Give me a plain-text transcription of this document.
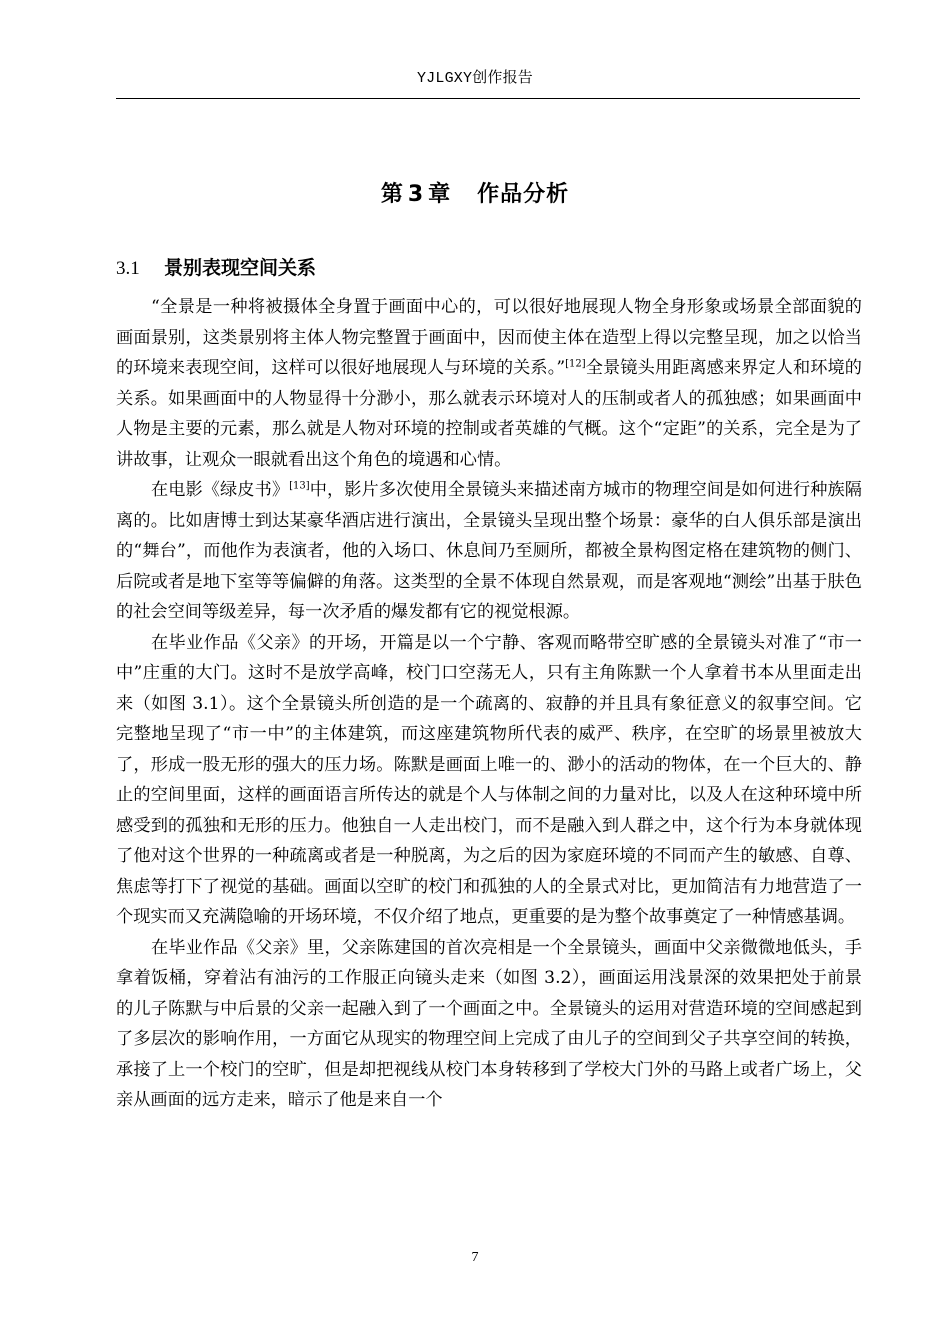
YJLGXY创作报告
第 3 章 作品分析
3.1 景别表现空间关系

“全景是一种将被摄体全身置于画面中心的，可以很好地展现人物全身形象或场景全部面貌的画面景别，这类景别将主体人物完整置于画面中，因而使主体在造型上得以完整呈现，加之以恰当的环境来表现空间，这样可以很好地展现人与环境的关系。”[12]全景镜头用距离感来界定人和环境的关系。如果画面中的人物显得十分渺小，那么就表示环境对人的压制或者人的孤独感；如果画面中人物是主要的元素，那么就是人物对环境的控制或者英雄的气概。这个“定距”的关系，完全是为了讲故事，让观众一眼就看出这个角色的境遇和心情。

在电影《绿皮书》[13]中，影片多次使用全景镜头来描述南方城市的物理空间是如何进行种族隔离的。比如唐博士到达某豪华酒店进行演出，全景镜头呈现出整个场景：豪华的白人俱乐部是演出的“舞台”，而他作为表演者，他的入场口、休息间乃至厕所，都被全景构图定格在建筑物的侧门、后院或者是地下室等等偏僻的角落。这类型的全景不体现自然景观，而是客观地“测绘”出基于肤色的社会空间等级差异，每一次矛盾的爆发都有它的视觉根源。

在毕业作品《父亲》的开场，开篇是以一个宁静、客观而略带空旷感的全景镜头对准了“市一中”庄重的大门。这时不是放学高峰，校门口空荡无人，只有主角陈默一个人拿着书本从里面走出来（如图 3.1）。这个全景镜头所创造的是一个疏离的、寂静的并且具有象征意义的叙事空间。它完整地呈现了“市一中”的主体建筑，而这座建筑物所代表的威严、秩序，在空旷的场景里被放大了，形成一股无形的强大的压力场。陈默是画面上唯一的、渺小的活动的物体，在一个巨大的、静止的空间里面，这样的画面语言所传达的就是个人与体制之间的力量对比，以及人在这种环境中所感受到的孤独和无形的压力。他独自一人走出校门，而不是融入到人群之中，这个行为本身就体现了他对这个世界的一种疏离或者是一种脱离，为之后的因为家庭环境的不同而产生的敏感、自尊、焦虑等打下了视觉的基础。画面以空旷的校门和孤独的人的全景式对比，更加简洁有力地营造了一个现实而又充满隐喻的开场环境，不仅介绍了地点，更重要的是为整个故事奠定了一种情感基调。

在毕业作品《父亲》里，父亲陈建国的首次亮相是一个全景镜头，画面中父亲微微地低头，手拿着饭桶，穿着沾有油污的工作服正向镜头走来（如图 3.2），画面运用浅景深的效果把处于前景的儿子陈默与中后景的父亲一起融入到了一个画面之中。全景镜头的运用对营造环境的空间感起到了多层次的影响作用，一方面它从现实的物理空间上完成了由儿子的空间到父子共享空间的转换，承接了上一个校门的空旷，但是却把视线从校门本身转移到了学校大门外的马路上或者广场上，父亲从画面的远方走来，暗示了他是来自一个

7
